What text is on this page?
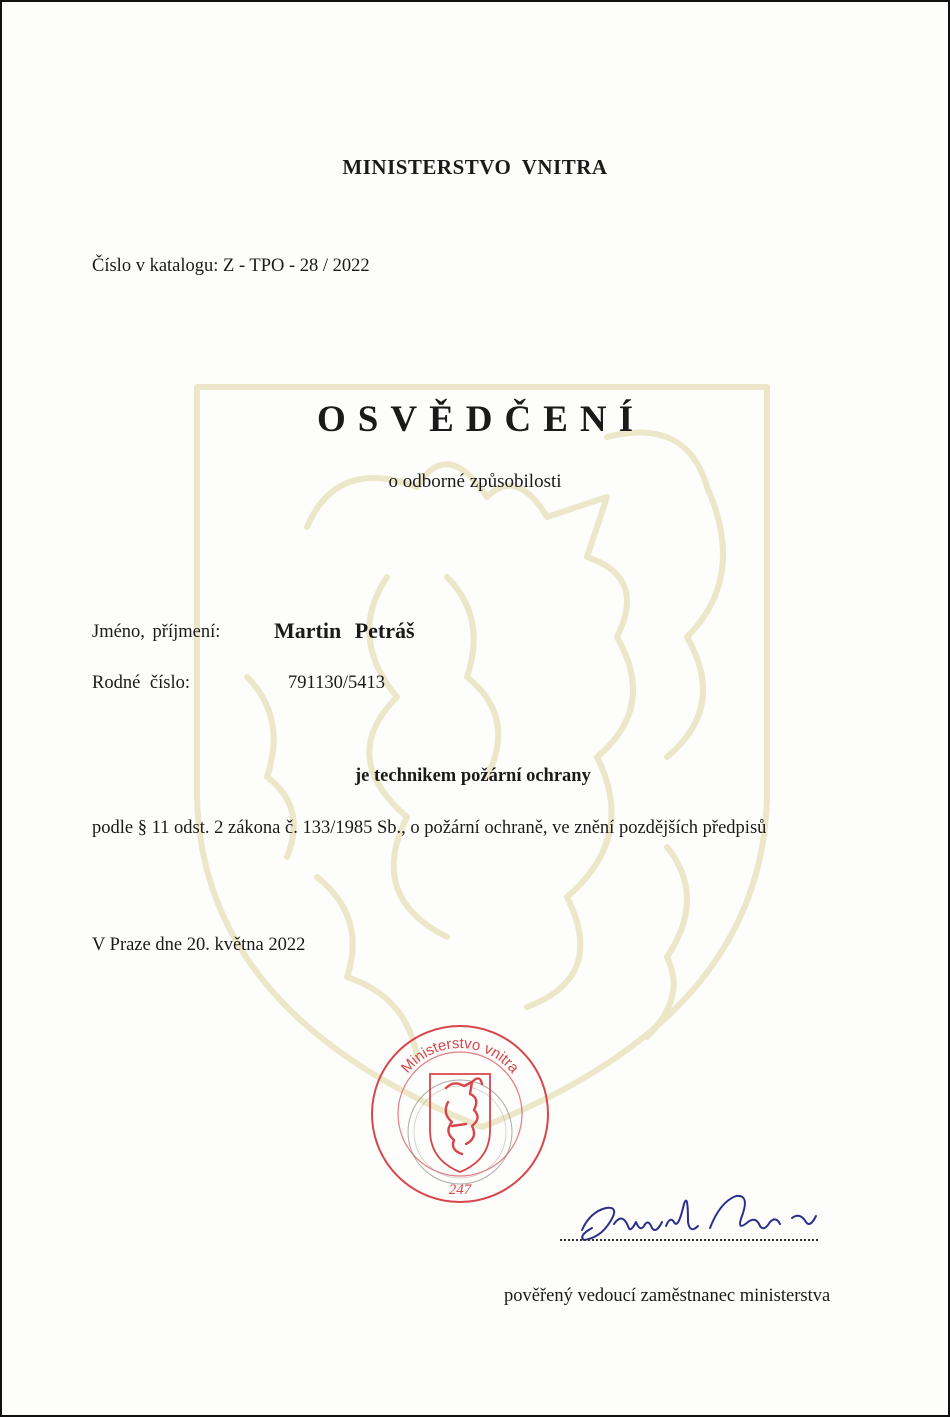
MINISTERSTVO VNITRA
Číslo v katalogu: Z - TPO - 28 / 2022
OSVĚDČENÍ
o odborné způsobilosti
Jméno, příjmení: Martin Petráš
Rodné číslo:	791130/5413
je technikem požární ochrany
podle § 11 odst. 2 zákona č. 133/1985 Sb., o požární ochraně, ve znění pozdějších předpisů
V Praze dne 20. května 2022
Ministerstvo vnitra
247
pověřený vedoucí zaměstnanec ministerstva
